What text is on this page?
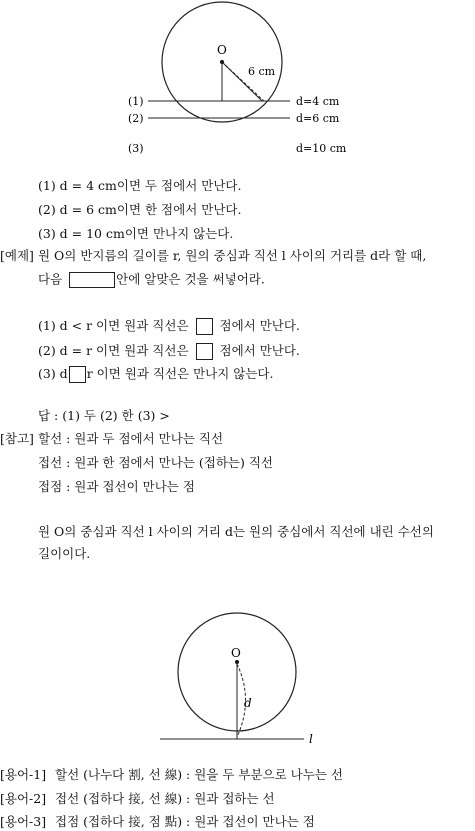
O
6 cm
(1)
(2)
(3)
d=4 cm
d=6 cm
d=10 cm
(1) d = 4 cm이면 두 점에서 만난다.
(2) d = 6 cm이면 한 점에서 만난다.
(3) d = 10 cm이면 만나지 않는다.
[예제] 원 O의 반지름의 길이를 r, 원의 중심과 직선 l 사이의 거리를 d라 할 때,
다음	안에 알맞은 것을 써넣어라.
(1) d < r 이면 원과 직선은 점에서 만난다.
(2) d = r 이면 원과 직선은 점에서 만난다.
(3) d r 이면 원과 직선은 만나지 않는다.
답 : (1) 두 (2) 한 (3) >
[참고] 할선 : 원과 두 점에서 만나는 직선
접선 : 원과 한 점에서 만나는 (접하는) 직선
접점 : 원과 접선이 만나는 점
원 O의 중심과 직선 l 사이의 거리 d는 원의 중심에서 직선에 내린 수선의
길이이다.
O
d
l
[용어-1] 할선 (나누다 割, 선 線) : 원을 두 부분으로 나누는 선
[용어-2] 접선 (접하다 接, 선 線) : 원과 접하는 선
[용어-3] 접점 (접하다 接, 점 點) : 원과 접선이 만나는 점
